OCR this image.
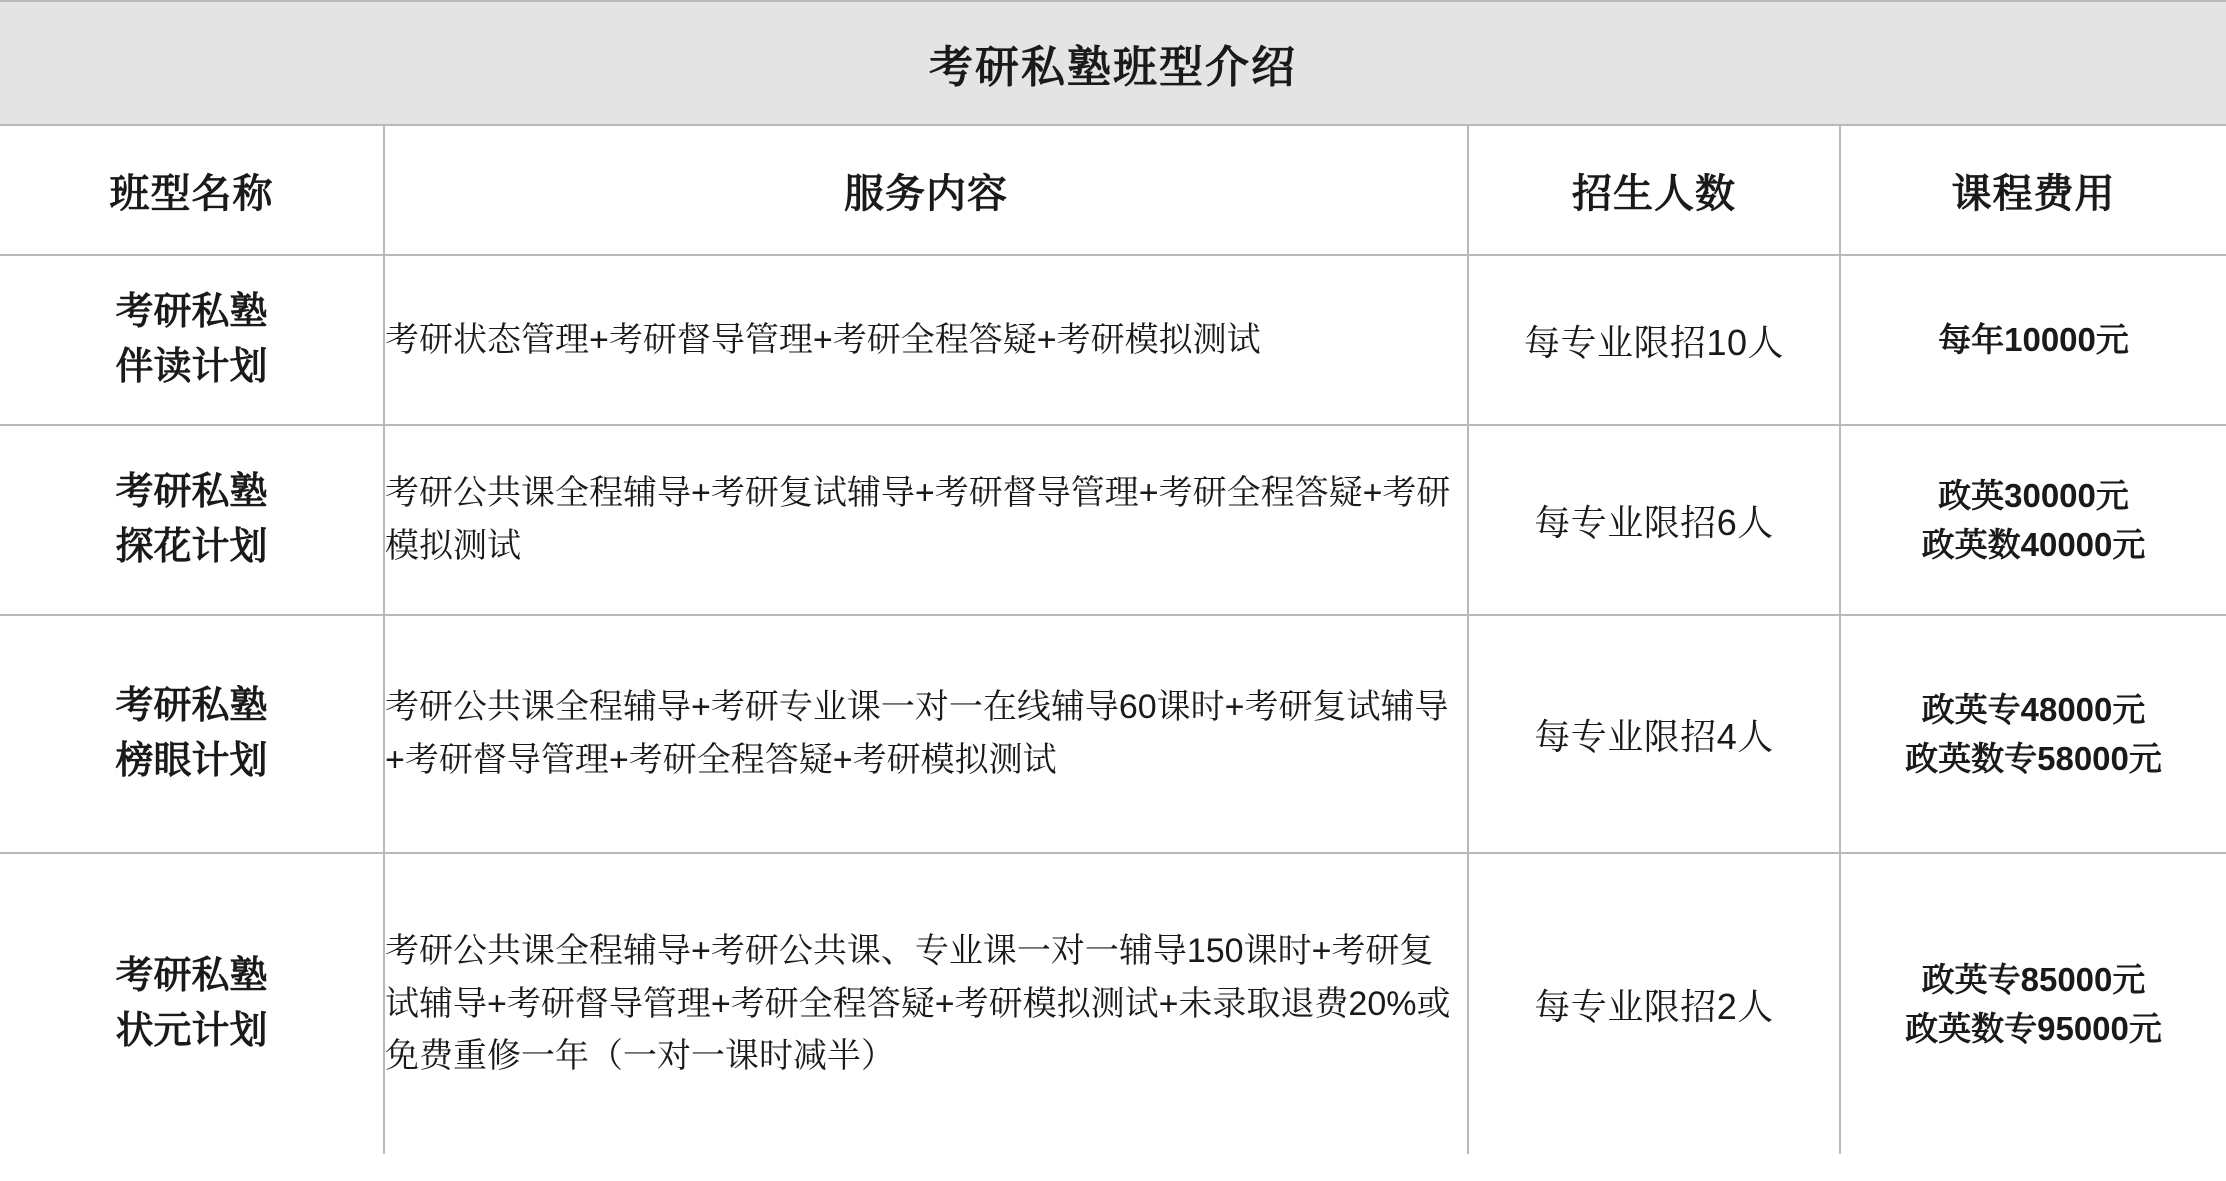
考研私塾班型介绍			
班型名称	服务内容	招生人数	课程费用

考研私塾
伴读计划	考研状态管理+考研督导管理+考研全程答疑+考研模拟测试	每专业限招10人	每年10000元

考研私塾
探花计划	考研公共课全程辅导+考研复试辅导+考研督导管理+考研全程答疑+考研模拟测试	每专业限招6人	政英30000元
政英数40000元

考研私塾
榜眼计划	考研公共课全程辅导+考研专业课一对一在线辅导60课时+考研复试辅导+考研督导管理+考研全程答疑+考研模拟测试	每专业限招4人	政英专48000元
政英数专58000元

考研私塾
状元计划	考研公共课全程辅导+考研公共课、专业课一对一辅导150课时+考研复试辅导+考研督导管理+考研全程答疑+考研模拟测试+未录取退费20%或免费重修一年（一对一课时减半）	每专业限招2人	政英专85000元
政英数专95000元
